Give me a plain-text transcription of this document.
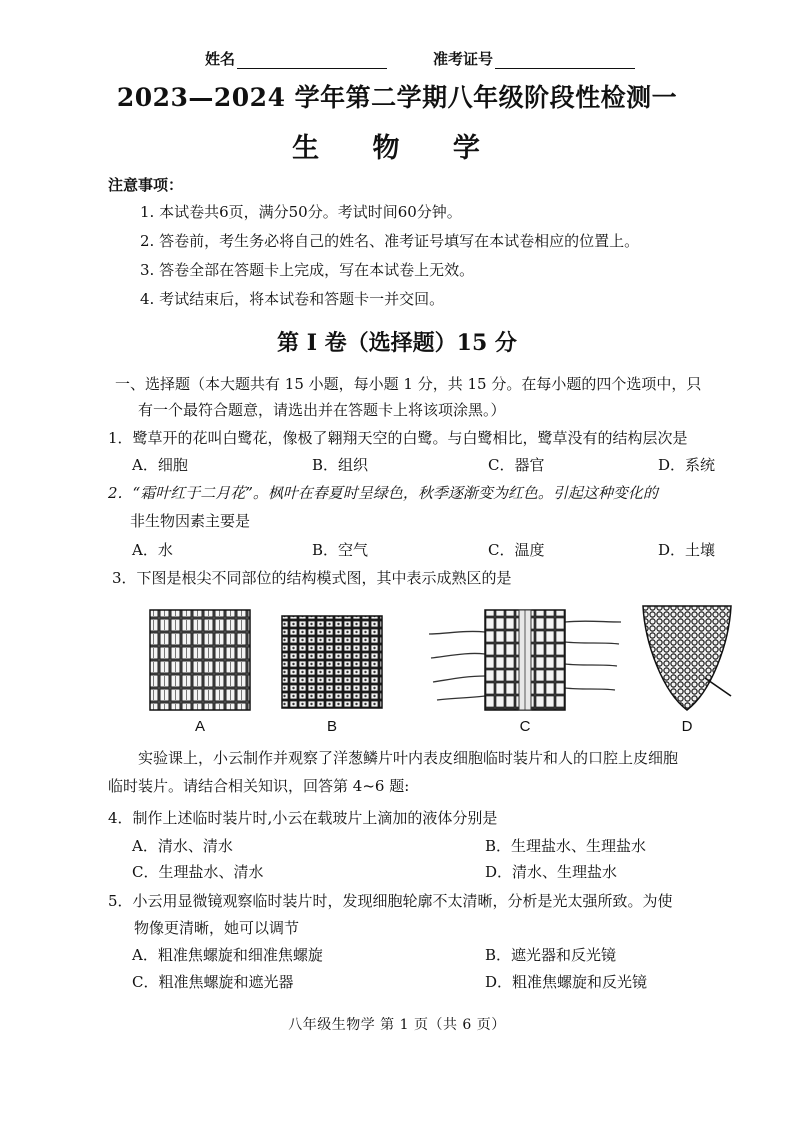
姓名	准考证号
2023—2024 学年第二学期八年级阶段性检测一
生 物 学
注意事项：
1. 本试卷共6页，满分50分。考试时间60分钟。
2. 答卷前，考生务必将自己的姓名、准考证号填写在本试卷相应的位置上。
3. 答卷全部在答题卡上完成，写在本试卷上无效。
4. 考试结束后，将本试卷和答题卡一并交回。
第 I 卷（选择题）15 分
一、选择题（本大题共有 15 小题，每小题 1 分，共 15 分。在每小题的四个选项中，只
有一个最符合题意，请选出并在答题卡上将该项涂黑。）
1．鹭草开的花叫白鹭花，像极了翱翔天空的白鹭。与白鹭相比，鹭草没有的结构层次是
A．细胞	B．组织	C．器官	D．系统
2．“霜叶红于二月花”。枫叶在春夏时呈绿色，秋季逐渐变为红色。引起这种变化的
非生物因素主要是
A．水	B．空气	C．温度	D．土壤
3．下图是根尖不同部位的结构模式图，其中表示成熟区的是
A	B	C	D
实验课上，小云制作并观察了洋葱鳞片叶内表皮细胞临时装片和人的口腔上皮细胞
临时装片。请结合相关知识，回答第 4~6 题:
4．制作上述临时装片时,小云在载玻片上滴加的液体分别是
A．清水、清水	B．生理盐水、生理盐水
C．生理盐水、清水	D．清水、生理盐水
5．小云用显微镜观察临时装片时，发现细胞轮廓不太清晰，分析是光太强所致。为使
物像更清晰，她可以调节
A．粗准焦螺旋和细准焦螺旋	B．遮光器和反光镜
C．粗准焦螺旋和遮光器	D．粗准焦螺旋和反光镜
八年级生物学 第 1 页（共 6 页）
